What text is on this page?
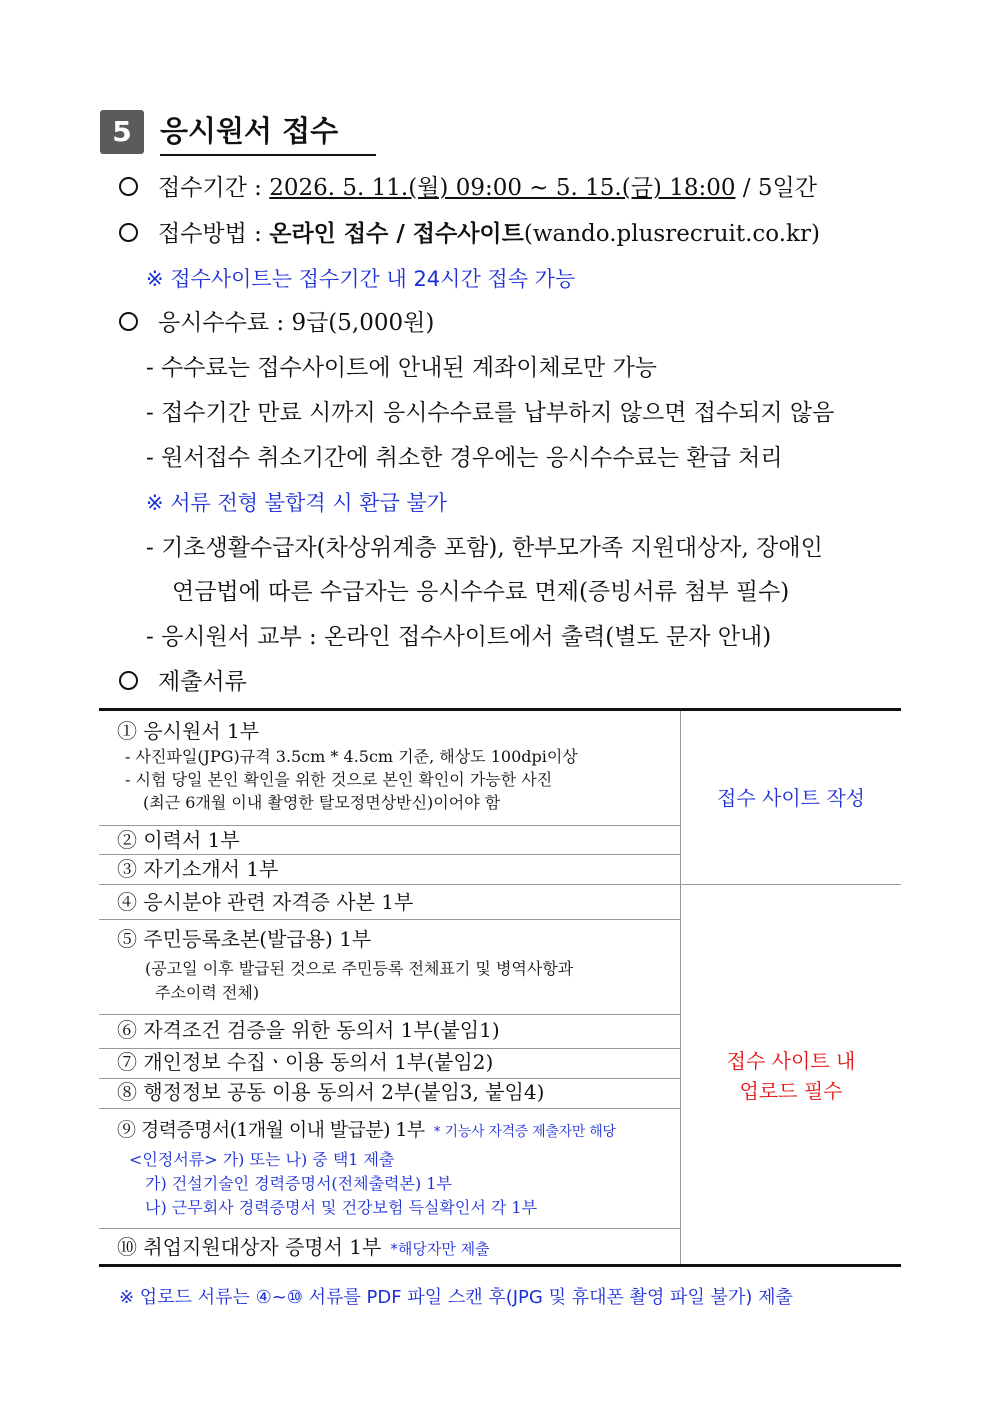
5 응시원서 접수
접수기간 : 2026. 5. 11.(월) 09:00 ~ 5. 15.(금) 18:00 / 5일간
접수방법 : 온라인 접수 / 접수사이트(wando.plusrecruit.co.kr)
※ 접수사이트는 접수기간 내 24시간 접속 가능
응시수수료 : 9급(5,000원)
- 수수료는 접수사이트에 안내된 계좌이체로만 가능
- 접수기간 만료 시까지 응시수수료를 납부하지 않으면 접수되지 않음
- 원서접수 취소기간에 취소한 경우에는 응시수수료는 환급 처리
※ 서류 전형 불합격 시 환급 불가
- 기초생활수급자(차상위계층 포함), 한부모가족 지원대상자, 장애인
연금법에 따른 수급자는 응시수수료 면제(증빙서류 첨부 필수)
- 응시원서 교부 : 온라인 접수사이트에서 출력(별도 문자 안내)
제출서류
① 응시원서 1부
- 사진파일(JPG)규격 3.5cm * 4.5cm 기준, 해상도 100dpi이상
- 시험 당일 본인 확인을 위한 것으로 본인 확인이 가능한 사진
(최근 6개월 이내 촬영한 탈모정면상반신)이어야 함
② 이력서 1부
③ 자기소개서 1부
접수 사이트 작성
④ 응시분야 관련 자격증 사본 1부
⑤ 주민등록초본(발급용) 1부
(공고일 이후 발급된 것으로 주민등록 전체표기 및 병역사항과
주소이력 전체)
⑥ 자격조건 검증을 위한 동의서 1부(붙임1)
⑦ 개인정보 수집ㆍ이용 동의서 1부(붙임2)
⑧ 행정정보 공동 이용 동의서 2부(붙임3, 붙임4)
⑨ 경력증명서(1개월 이내 발급분) 1부 * 기능사 자격증 제출자만 해당
<인정서류> 가) 또는 나) 중 택1 제출
가) 건설기술인 경력증명서(전체출력본) 1부
나) 근무회사 경력증명서 및 건강보험 득실확인서 각 1부
⑩ 취업지원대상자 증명서 1부 *해당자만 제출
접수 사이트 내
업로드 필수
※ 업로드 서류는 ④~⑩ 서류를 PDF 파일 스캔 후(JPG 및 휴대폰 촬영 파일 불가) 제출
